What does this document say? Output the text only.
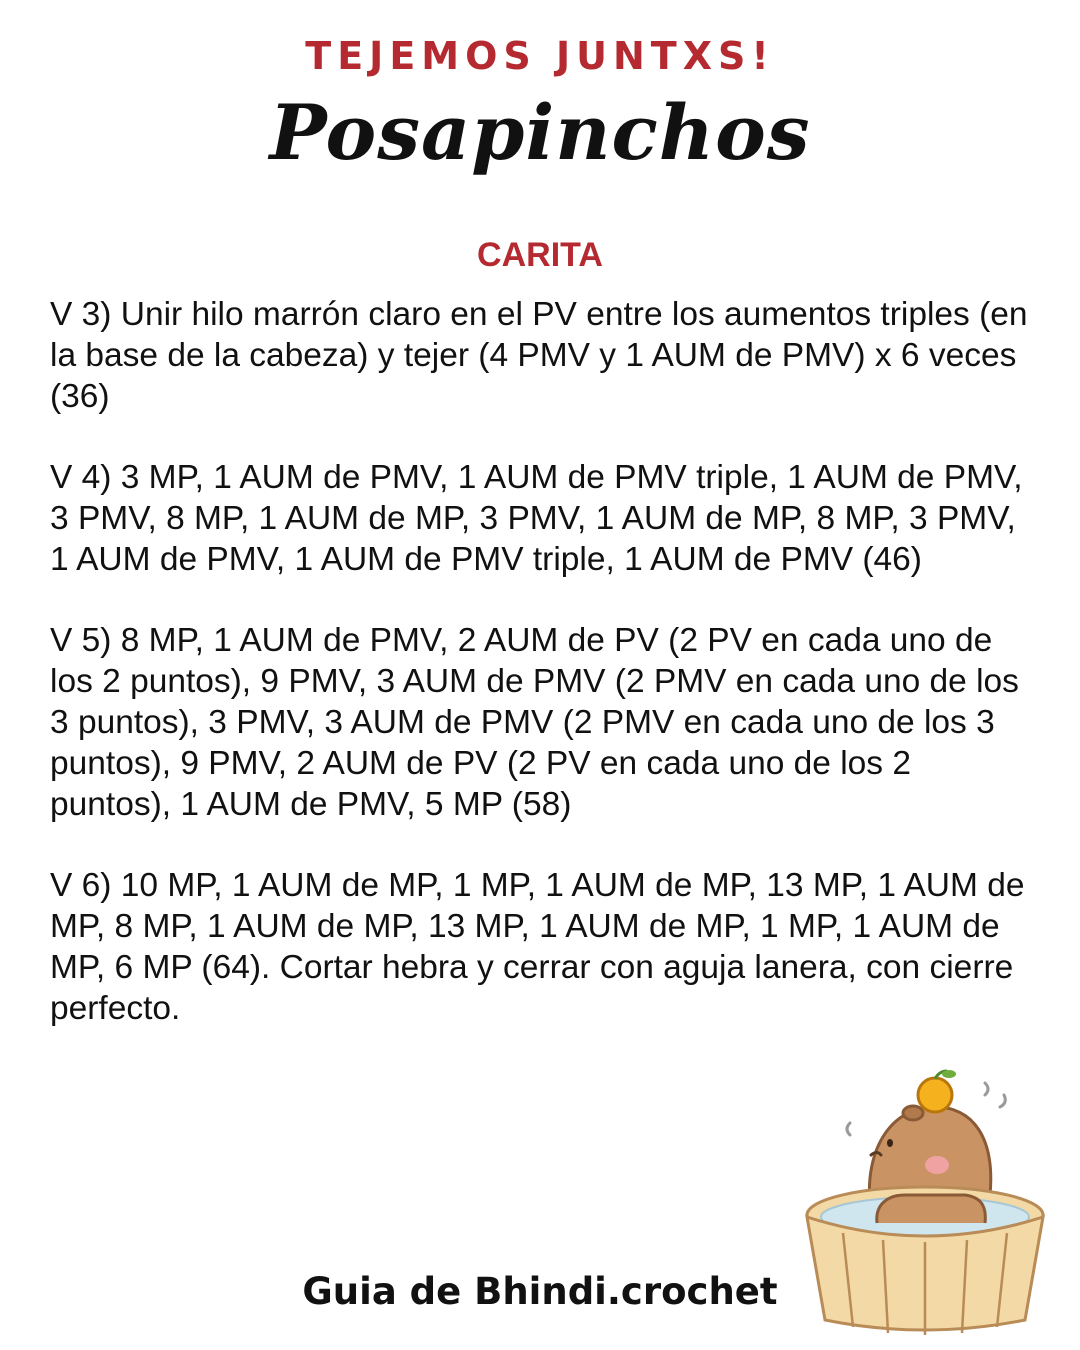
TEJEMOS JUNTXS!
Posapinchos
CARITA

V 3) Unir hilo marrón claro en el PV entre los aumentos triples (en la base de la cabeza) y tejer (4 PMV y 1 AUM de PMV) x 6 veces (36)

V 4) 3 MP, 1 AUM de PMV, 1 AUM de PMV triple, 1 AUM de PMV, 3 PMV, 8 MP, 1 AUM de MP, 3 PMV, 1 AUM de MP, 8 MP, 3 PMV, 1 AUM de PMV, 1 AUM de PMV triple, 1 AUM de PMV (46)

V 5) 8 MP, 1 AUM de PMV, 2 AUM de PV (2 PV en cada uno de los 2 puntos), 9 PMV, 3 AUM de PMV (2 PMV en cada uno de los 3 puntos), 3 PMV, 3 AUM de PMV (2 PMV en cada uno de los 3 puntos), 9 PMV, 2 AUM de PV (2 PV en cada uno de los 2 puntos), 1 AUM de PMV, 5 MP (58)

V 6) 10 MP, 1 AUM de MP, 1 MP, 1 AUM de MP, 13 MP, 1 AUM de MP, 8 MP, 1 AUM de MP, 13 MP, 1 AUM de MP, 1 MP, 1 AUM de MP, 6 MP (64). Cortar hebra y cerrar con aguja lanera, con cierre perfecto.

Guia de Bhindi.crochet
